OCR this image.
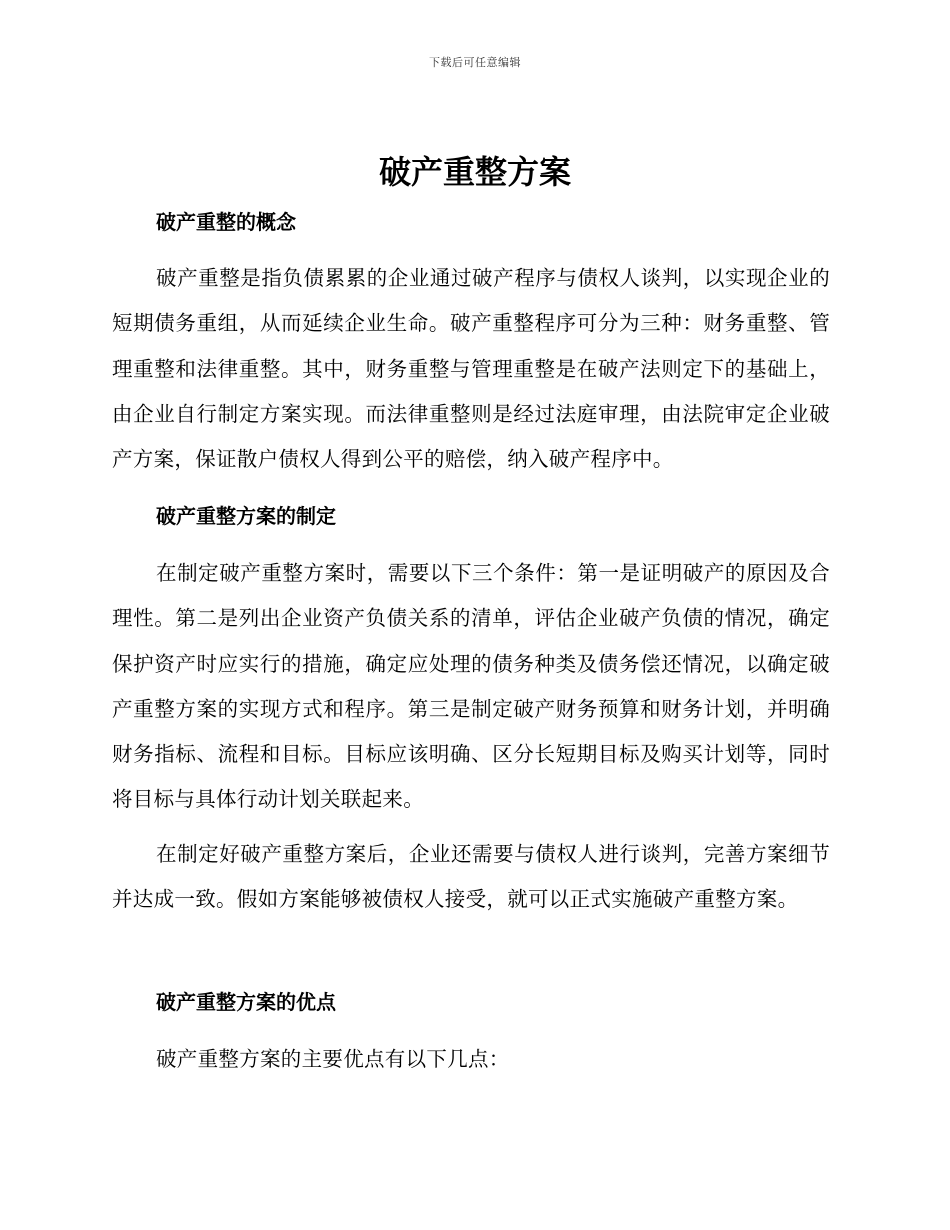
下载后可任意编辑
破产重整方案
破产重整的概念

破产重整是指负债累累的企业通过破产程序与债权人谈判，以实现企业的短期债务重组，从而延续企业生命。破产重整程序可分为三种：财务重整、管理重整和法律重整。其中，财务重整与管理重整是在破产法则定下的基础上，由企业自行制定方案实现。而法律重整则是经过法庭审理，由法院审定企业破产方案，保证散户债权人得到公平的赔偿，纳入破产程序中。

破产重整方案的制定

在制定破产重整方案时，需要以下三个条件：第一是证明破产的原因及合理性。第二是列出企业资产负债关系的清单，评估企业破产负债的情况，确定保护资产时应实行的措施，确定应处理的债务种类及债务偿还情况，以确定破产重整方案的实现方式和程序。第三是制定破产财务预算和财务计划，并明确财务指标、流程和目标。目标应该明确、区分长短期目标及购买计划等，同时将目标与具体行动计划关联起来。

在制定好破产重整方案后，企业还需要与债权人进行谈判，完善方案细节并达成一致。假如方案能够被债权人接受，就可以正式实施破产重整方案。

破产重整方案的优点

破产重整方案的主要优点有以下几点：
